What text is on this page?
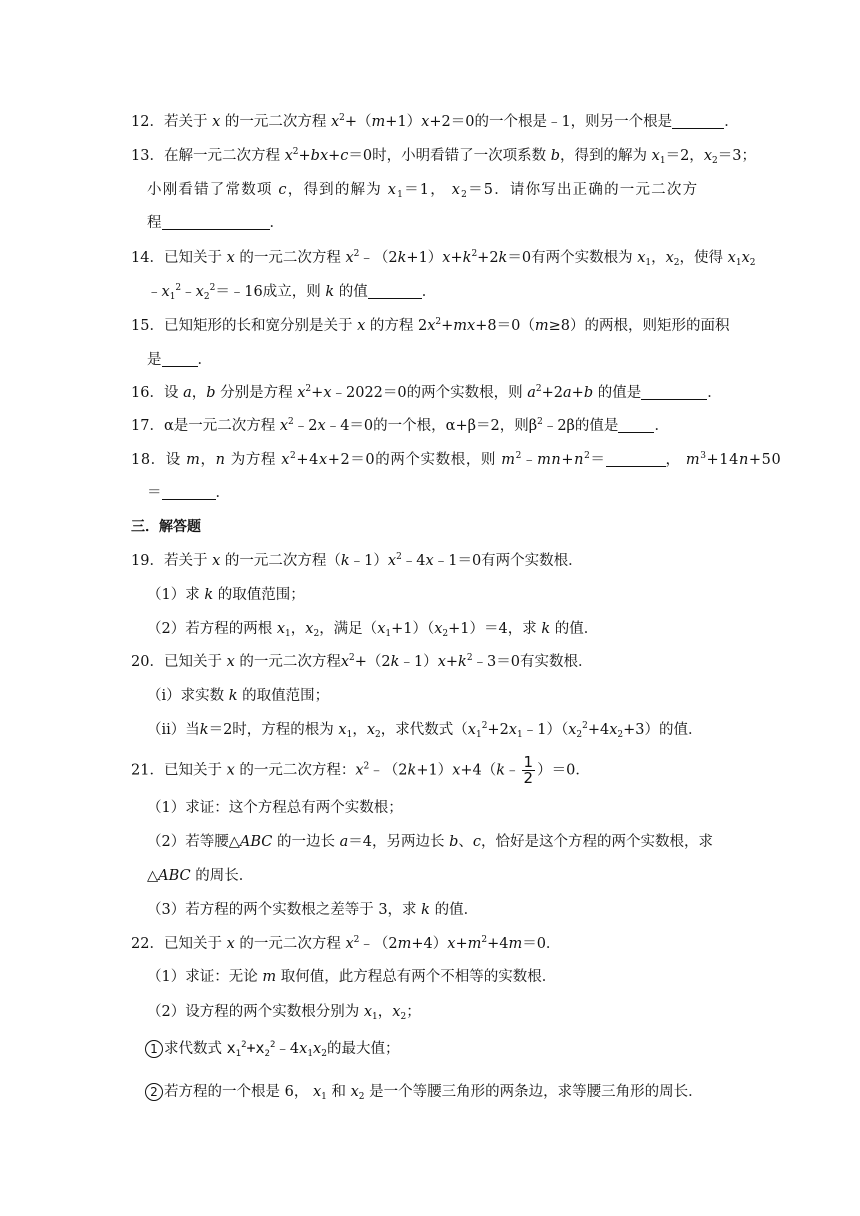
12．若关于 x 的一元二次方程 $x^2+(m+1)x+2=0$的一个根是﹣1，则另一个根是	．
13．在解一元二次方程 $x^2+bx+c=0$时，小明看错了一次项系数 b，得到的解为 $x_1=2$，$x_2=3$；
小刚看错了常数项 c，得到的解为 $x_1=1$， $x_2=5$．请你写出正确的一元二次方
程	．
14．已知关于 x 的一元二次方程 $x^2﹣(2k+1)x+k^2+2k=0$有两个实数根为 $x_1$，$x_2$，使得 $x_1x_2$
$﹣x_1^2﹣x_2^2=﹣16$成立，则 k 的值	．
15．已知矩形的长和宽分别是关于 x 的方程 $2x^2+mx+8=0(m\ge 8)$的两根，则矩形的面积
是 ．
16．设 a，b 分别是方程 $x^2+x﹣2022=0$的两个实数根，则 $a^2+2a+b$ 的值是	．
17．α是一元二次方程 $x^2﹣2x﹣4=0$的一个根，α+β＝2，则$\beta^2﹣2\beta$的值是 ．
18．设 m，n 为方程 $x^2+4x+2=0$的两个实数根，则 $m^2﹣mn+n^2=$	， $m^3+14n+50$
＝	．
三．解答题
19．若关于 x 的一元二次方程$(k﹣1)x^2﹣4x﹣1=0$有两个实数根．
（1）求 k 的取值范围；
（2）若方程的两根 $x_1$，$x_2$，满足$(x_1+1)(x_2+1)=4$，求 k 的值．
20．已知关于 x 的一元二次方程$x^2+(2k﹣1)x+k^2﹣3=0$有实数根．
（ⅰ）求实数 k 的取值范围；
（ⅱ）当k＝2时，方程的根为 $x_1$，$x_2$，求代数式$(x_1^2+2x_1﹣1)(x_2^2+4x_2+3)$的值．
21．已知关于 x 的一元二次方程：$x^2﹣(2k+1)x+4(k﹣ \frac{1}{2} )=0$．
（1）求证：这个方程总有两个实数根；
（2）若等腰△ABC 的一边长 a＝4，另两边长 b、c，恰好是这个方程的两个实数根，求
△ABC 的周长．
（3）若方程的两个实数根之差等于 3，求 k 的值．
22．已知关于 x 的一元二次方程 $x^2﹣(2m+4)x+m^2+4m=0$．
（1）求证：无论 m 取何值，此方程总有两个不相等的实数根．
（2）设方程的两个实数根分别为 $x_1$，$x_2$；
1 求代数式 $x_1^2+x_2^2﹣4x_1x_2$的最大值；
2 若方程的一个根是 6， $x_1$ 和 $x_2$ 是一个等腰三角形的两条边，求等腰三角形的周长．
